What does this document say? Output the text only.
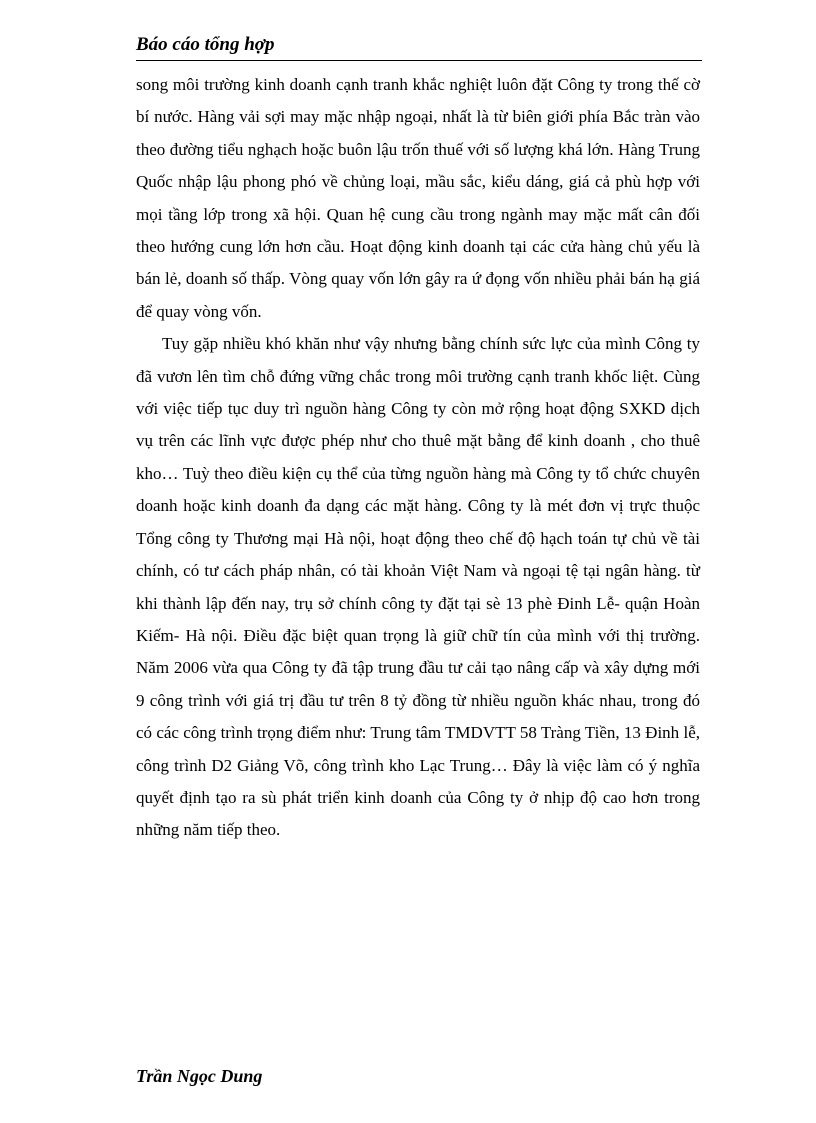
Báo cáo tổng hợp

song môi trường kinh doanh cạnh tranh khắc nghiệt luôn đặt Công ty trong thế cờ bí nước. Hàng vải sợi may mặc nhập ngoại, nhất là từ biên giới phía Bắc tràn vào theo đường tiểu nghạch hoặc buôn lậu trốn thuế với số lượng khá lớn. Hàng Trung Quốc nhập lậu phong phó về chủng loại, mầu sắc, kiểu dáng, giá cả phù hợp với mọi tầng lớp trong xã hội. Quan hệ cung cầu trong ngành may mặc mất cân đối theo hướng cung lớn hơn cầu. Hoạt động kinh doanh tại các cửa hàng chủ yếu là bán lẻ, doanh số thấp. Vòng quay vốn lớn gây ra ứ đọng vốn nhiều phải bán hạ giá để quay vòng vốn.

Tuy gặp nhiều khó khăn như vậy nhưng bằng chính sức lực của mình Công ty đã vươn lên tìm chỗ đứng vững chắc trong môi trường cạnh tranh khốc liệt. Cùng với việc tiếp tục duy trì nguồn hàng Công ty còn mở rộng hoạt động SXKD dịch vụ trên các lĩnh vực được phép như cho thuê mặt bằng để kinh doanh , cho thuê kho… Tuỳ theo điều kiện cụ thể của từng nguồn hàng mà Công ty tổ chức chuyên doanh hoặc kinh doanh đa dạng các mặt hàng. Công ty là mét đơn vị trực thuộc Tổng công ty Thương mại Hà nội, hoạt động theo chế độ hạch toán tự chủ về tài chính, có tư cách pháp nhân, có tài khoản Việt Nam và ngoại tệ tại ngân hàng. từ khi thành lập đến nay, trụ sở chính công ty đặt tại sè 13 phè Đinh Lễ- quận Hoàn Kiếm- Hà nội. Điều đặc biệt quan trọng là giữ chữ tín của mình với thị trường. Năm 2006 vừa qua Công ty đã tập trung đầu tư cải tạo nâng cấp và xây dựng mới 9 công trình với giá trị đầu tư trên 8 tỷ đồng từ nhiều nguồn khác nhau, trong đó có các công trình trọng điểm như: Trung tâm TMDVTT 58 Tràng Tiền, 13 Đinh lễ, công trình D2 Giảng Võ, công trình kho Lạc Trung… Đây là việc làm có ý nghĩa quyết định tạo ra sù phát triển kinh doanh của Công ty ở nhịp độ cao hơn trong những năm tiếp theo.

Trần Ngọc Dung
